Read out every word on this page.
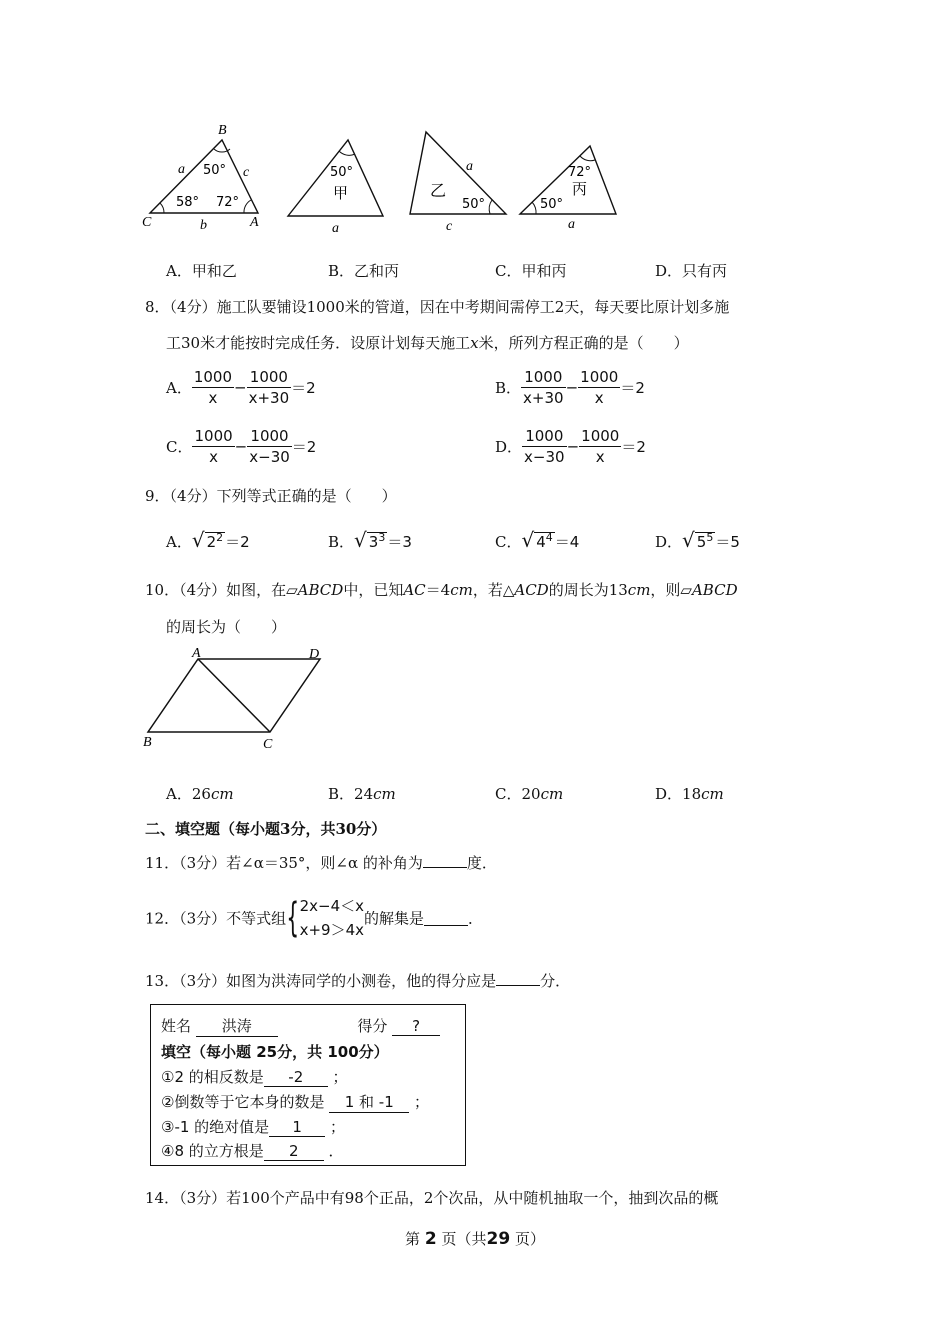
B
C	A
a	c
b
50°
58° 72°
50°
甲
a
乙
a
c
50°
72°
丙
50°
a
A．甲和乙	B．乙和丙	C．甲和丙	D．只有丙
8．（4分）施工队要铺设1000米的管道，因在中考期间需停工2天，每天要比原计划多施
工30米才能按时完成任务．设原计划每天施工x米，所列方程正确的是（　　）
A． $\frac{1000}{x} - \frac{1000}{x+30} =2$	B． $\frac{1000}{x+30} - \frac{1000}{x} =2$
C． $\frac{1000}{x} - \frac{1000}{x-30} =2$	D． $\frac{1000}{x-30} - \frac{1000}{x} =2$
9．（4分）下列等式正确的是（　　）
A．√ $2^2 =2$	B．√ $3^3 =3$	C．√ $4^4 =4$	D．√ $5^5 =5$
10．（4分）如图，在▱ABCD中，已知AC＝4cm，若△ACD的周长为13cm，则▱ABCD
的周长为（　　）
A	D
B	C
A．26cm	B．24cm	C．20cm	D．18cm
二、填空题（每小题3分，共30分）
11．（3分）若∠α＝35°，则∠α 的补角为	度．
12．（3分）不等式组{ 2x−4＜x
x+9＞4x
的解集是	．
13．（3分）如图为洪涛同学的小测卷，他的得分应是	分．
姓名 洪涛	得分 ?
填空（每小题 25分，共 100分）
①2 的相反数是 -2 ；
②倒数等于它本身的数是 1 和 -1 ；
③-1 的绝对值是 1 ；
④8 的立方根是 2 ．
14．（3分）若100个产品中有98个正品，2个次品，从中随机抽取一个，抽到次品的概
第 2 页（共29 页）
